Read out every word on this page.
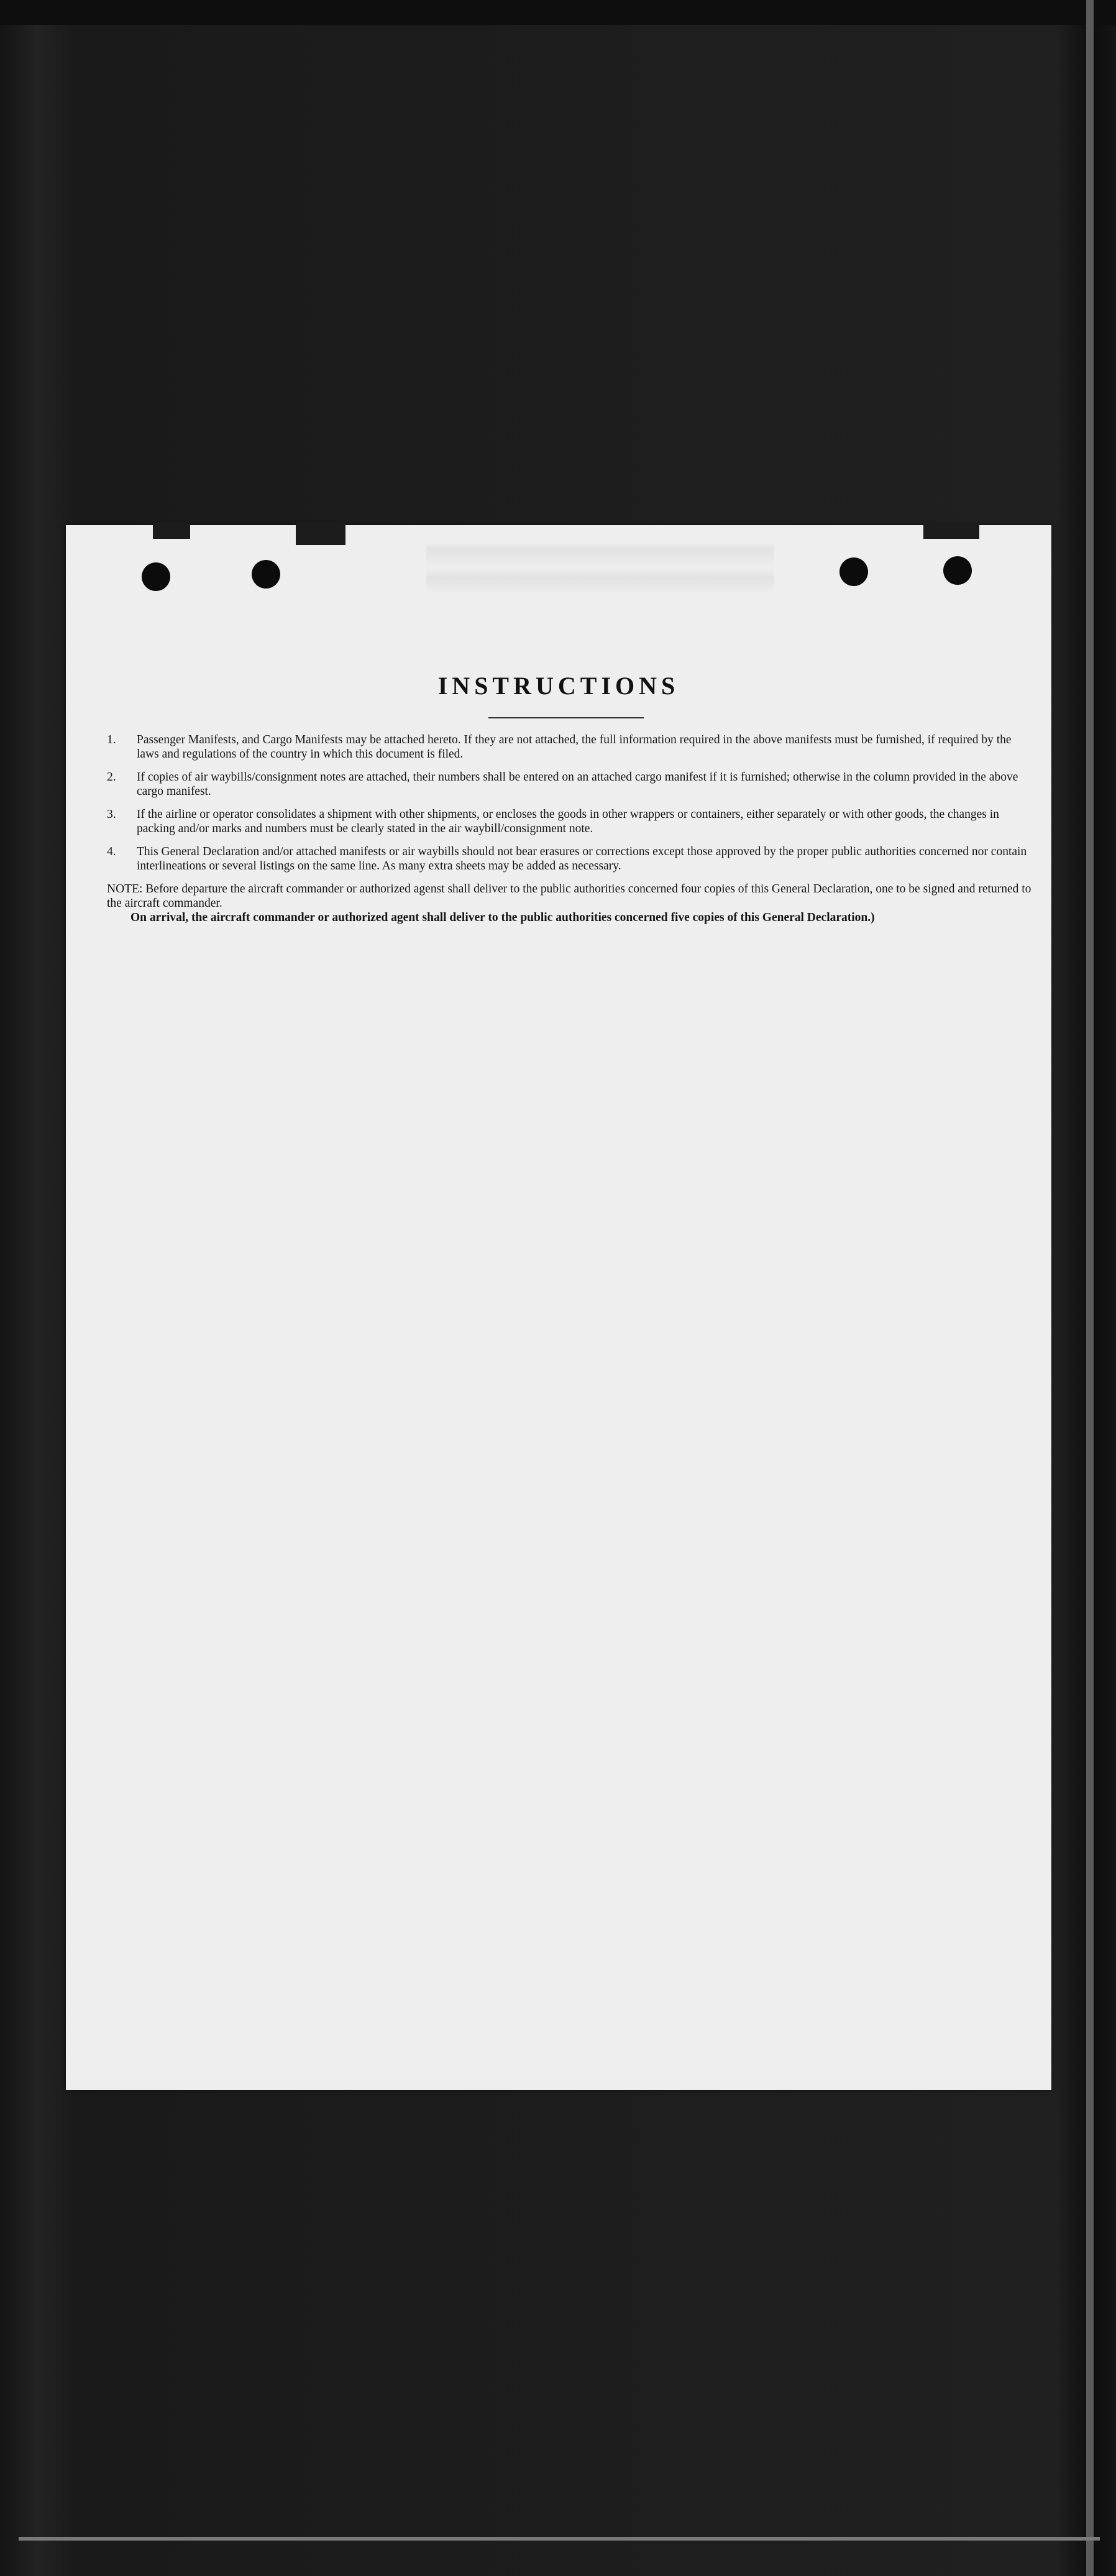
INSTRUCTIONS
1. Passenger Manifests, and Cargo Manifests may be attached hereto. If they are not attached, the full information required in the above manifests must be furnished, if required by the laws and regulations of the country in which this document is filed.
2. If copies of air waybills/consignment notes are attached, their numbers shall be entered on an attached cargo manifest if it is furnished; otherwise in the column provided in the above cargo manifest.
3. If the airline or operator consolidates a shipment with other shipments, or encloses the goods in other wrappers or containers, either separately or with other goods, the changes in packing and/or marks and numbers must be clearly stated in the air waybill/consignment note.
4. This General Declaration and/or attached manifests or air waybills should not bear erasures or corrections except those approved by the proper public authorities concerned nor contain interlineations or several listings on the same line. As many extra sheets may be added as necessary.

NOTE: Before departure the aircraft commander or authorized agenst shall deliver to the public authorities concerned four copies of this General Declaration, one to be signed and returned to the aircraft commander.

On arrival, the aircraft commander or authorized agent shall deliver to the public authorities concerned five copies of this General Declaration.)
